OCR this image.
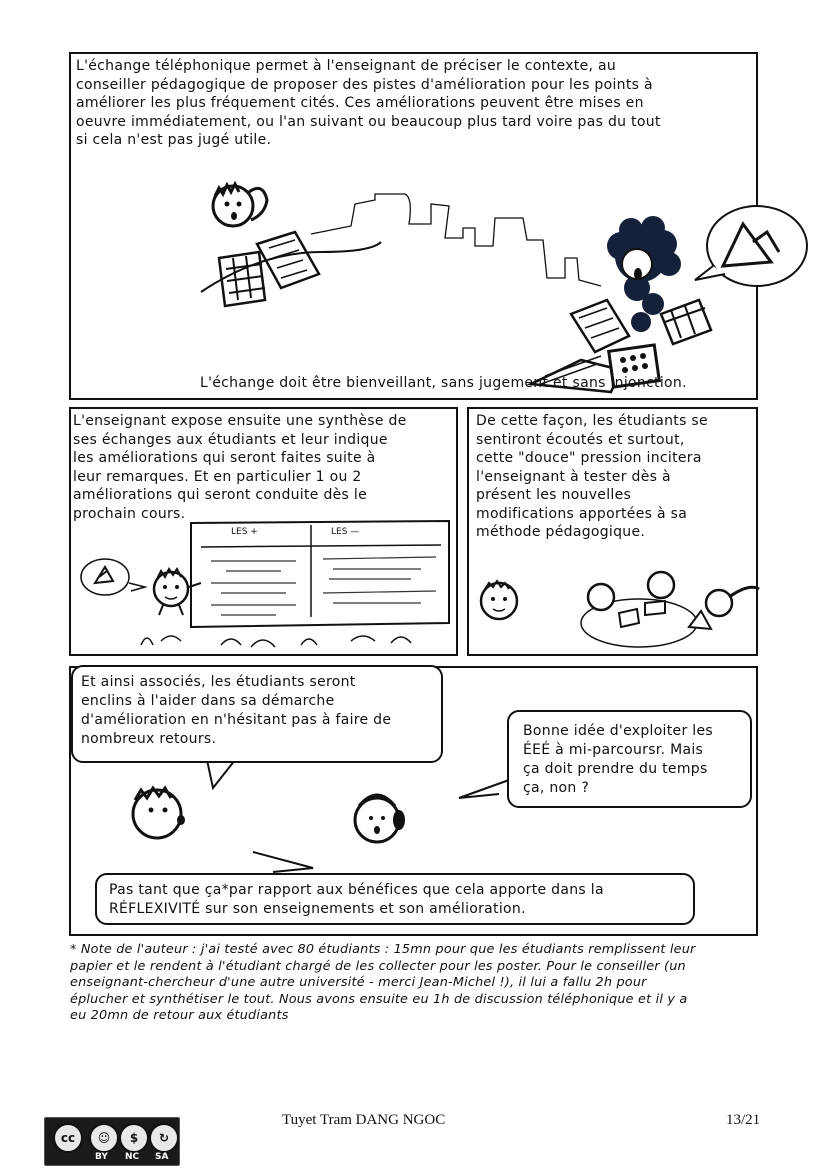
L'échange téléphonique permet à l'enseignant de préciser le contexte, au
conseiller pédagogique de proposer des pistes d'amélioration pour les points à
améliorer les plus fréquement cités. Ces améliorations peuvent être mises en
oeuvre immédiatement, ou l'an suivant ou beaucoup plus tard voire pas du tout
si cela n'est pas jugé utile.
L'échange doit être bienveillant, sans jugement et sans injonction.
L'enseignant expose ensuite une synthèse de
ses échanges aux étudiants et leur indique
les améliorations qui seront faites suite à
leur remarques. Et en particulier 1 ou 2
améliorations qui seront conduite dès le
prochain cours.
LES +	LES —
De cette façon, les étudiants se
sentiront écoutés et surtout,
cette "douce" pression incitera
l'enseignant à tester dès à
présent les nouvelles
modifications apportées à sa
méthode pédagogique.
Et ainsi associés, les étudiants seront
enclins à l'aider dans sa démarche
d'amélioration en n'hésitant pas à faire de
nombreux retours.	Bonne idée d'exploiter les
ÉEÉ à mi-parcoursr. Mais
ça doit prendre du temps
ça, non ?
Pas tant que ça*par rapport aux bénéfices que cela apporte dans la
RÉFLEXIVITÉ sur son enseignements et son amélioration.
* Note de l'auteur : j'ai testé avec 80 étudiants : 15mn pour que les étudiants remplissent leur
papier et le rendent à l'étudiant chargé de les collecter pour les poster. Pour le conseiller (un
enseignant-chercheur d'une autre université - merci Jean-Michel !), il lui a fallu 2h pour
éplucher et synthétiser le tout. Nous avons ensuite eu 1h de discussion téléphonique et il y a
eu 20mn de retour aux étudiants
cc	☺	$	↻
BY NC SA
Tuyet Tram DANG NGOC	13/21
